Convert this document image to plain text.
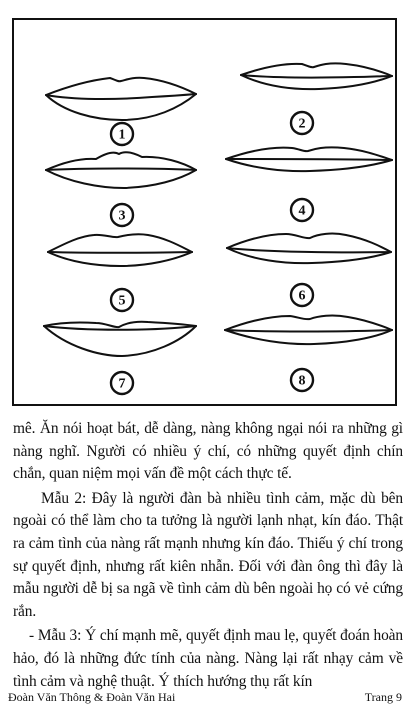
1
2
3	4
5	6
7	8

mê. Ăn nói hoạt bát, dễ dàng, nàng không ngại nói ra những gì nàng nghĩ. Người có nhiều ý chí, có những quyết định chín chắn, quan niệm mọi vấn đề một cách thực tế.

Mẫu 2: Đây là người đàn bà nhiều tình cảm, mặc dù bên ngoài có thể làm cho ta tưởng là người lạnh nhạt, kín đáo. Thật ra cảm tình của nàng rất mạnh nhưng kín đáo. Thiếu ý chí trong sự quyết định, nhưng rất kiên nhẫn. Đối với đàn ông thì đây là mẫu người dễ bị sa ngã về tình cảm dù bên ngoài họ có vẻ cứng rắn.

- Mẫu 3: Ý chí mạnh mẽ, quyết định mau lẹ, quyết đoán hoàn hảo, đó là những đức tính của nàng. Nàng lại rất nhạy cảm về tình cảm và nghệ thuật. Ý thích hướng thụ rất kín

Đoàn Văn Thông & Đoàn Văn Hai	Trang 9
